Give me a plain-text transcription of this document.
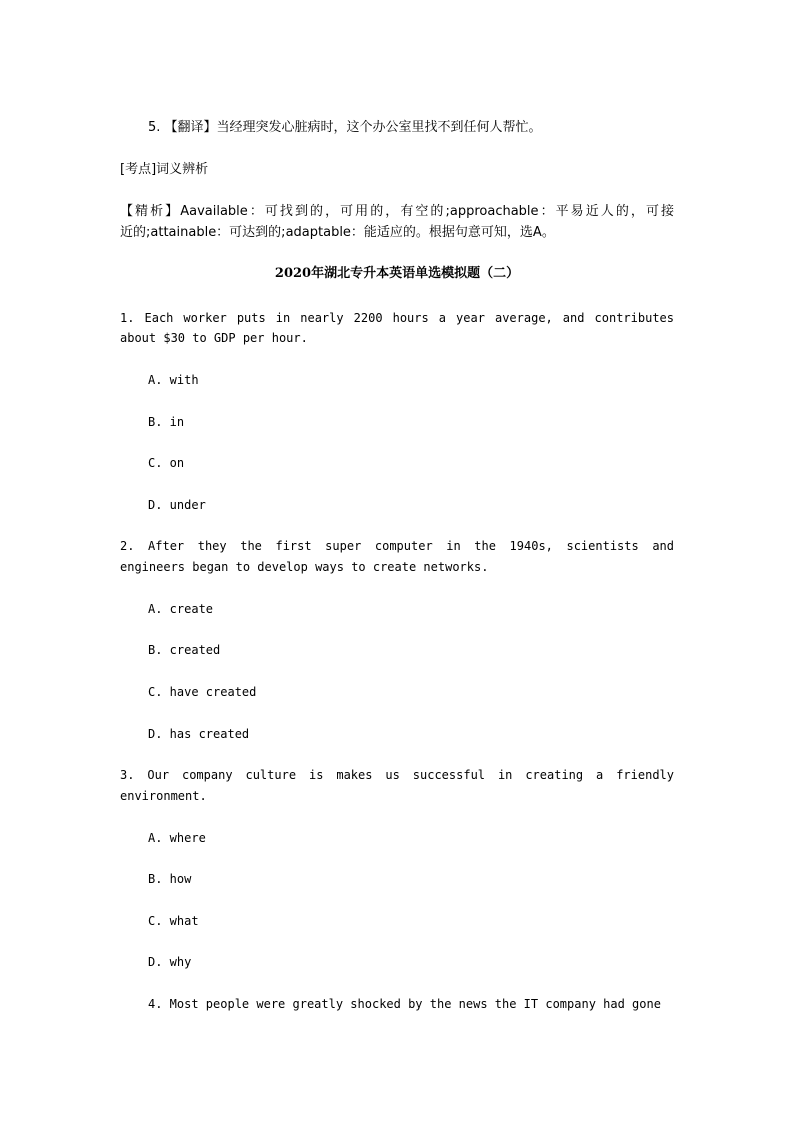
5. 【翻译】当经理突发心脏病时，这个办公室里找不到任何人帮忙。
[考点]词义辨析
【精析】Aavailable：可找到的，可用的，有空的;approachable：平易近人的，可接
近的;attainable：可达到的;adaptable：能适应的。根据句意可知，选A。
2020年湖北专升本英语单选模拟题（二）
1. Each worker puts in nearly 2200 hours a year average, and contributes
about $30 to GDP per hour.
A. with
B. in
C. on
D. under
2. After they the first super computer in the 1940s, scientists and
engineers began to develop ways to create networks.
A. create
B. created
C. have created
D. has created
3. Our company culture is makes us successful in creating a friendly
environment.
A. where
B. how
C. what
D. why
4. Most people were greatly shocked by the news the IT company had gone
